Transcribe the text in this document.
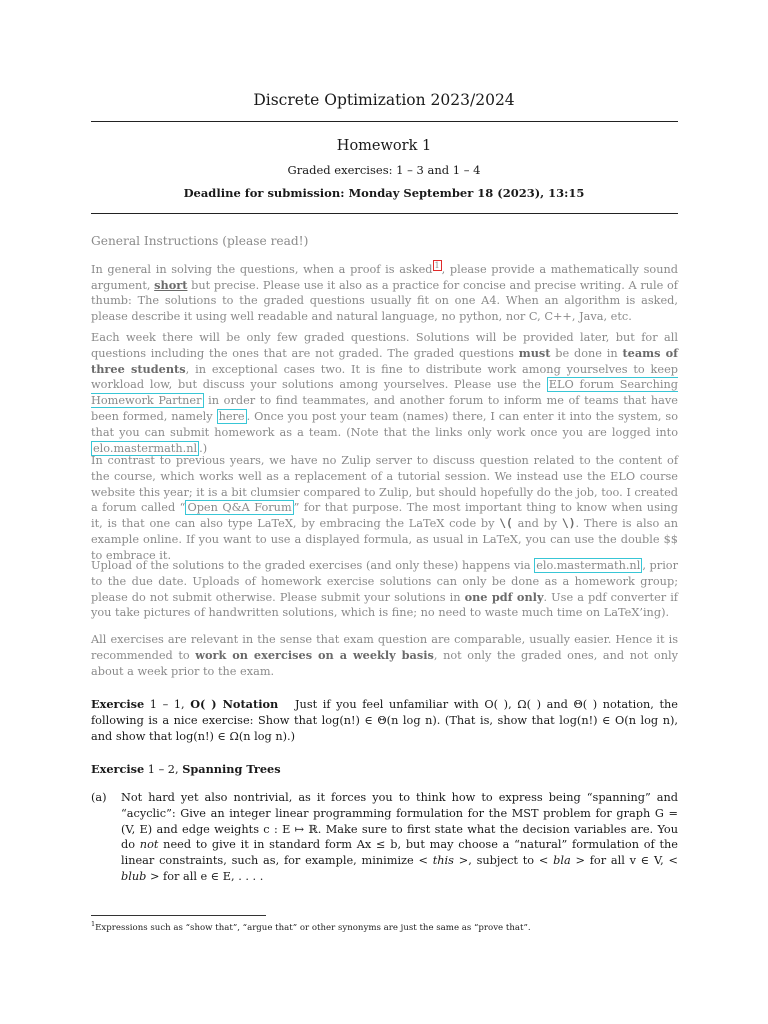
Discrete Optimization 2023/2024
Homework 1
Graded exercises: 1 – 3 and 1 – 4
Deadline for submission: Monday September 18 (2023), 13:15
General Instructions (please read!)
In general in solving the questions, when a proof is asked $^1$ , please provide a mathematically sound argument, short but precise. Please use it also as a practice for concise and precise writing. A rule of thumb: The solutions to the graded questions usually fit on one A4. When an algorithm is asked, please describe it using well readable and natural language, no python, nor C, C++, Java, etc.
Each week there will be only few graded questions. Solutions will be provided later, but for all questions including the ones that are not graded. The graded questions must be done in teams of three students, in exceptional cases two. It is fine to distribute work among yourselves to keep workload low, but discuss your solutions among yourselves. Please use the ELO forum Searching Homework Partner in order to find teammates, and another forum to inform me of teams that have been formed, namely here . Once you post your team (names) there, I can enter it into the system, so that you can submit homework as a team. (Note that the links only work once you are logged into elo.mastermath.nl .)
In contrast to previous years, we have no Zulip server to discuss question related to the content of the course, which works well as a replacement of a tutorial session. We instead use the ELO course website this year; it is a bit clumsier compared to Zulip, but should hopefully do the job, too. I created a forum called “ Open Q&A Forum ” for that purpose. The most important thing to know when using it, is that one can also type LaTeX, by embracing the LaTeX code by \( and by \). There is also an example online. If you want to use a displayed formula, as usual in LaTeX, you can use the double $$ to embrace it.
Upload of the solutions to the graded exercises (and only these) happens via elo.mastermath.nl , prior to the due date. Uploads of homework exercise solutions can only be done as a homework group; please do not submit otherwise. Please submit your solutions in one pdf only. Use a pdf converter if you take pictures of handwritten solutions, which is fine; no need to waste much time on LaTeX’ing).
All exercises are relevant in the sense that exam question are comparable, usually easier. Hence it is recommended to work on exercises on a weekly basis, not only the graded ones, and not only about a week prior to the exam.
Exercise 1 – 1, O( ) Notation Just if you feel unfamiliar with O( ), Ω( ) and Θ( ) notation, the following is a nice exercise: Show that log(n!) ∈ Θ(n log n). (That is, show that log(n!) ∈ O(n log n), and show that log(n!) ∈ Ω(n log n).)
Exercise 1 – 2, Spanning Trees
(a) Not hard yet also nontrivial, as it forces you to think how to express being “spanning” and “acyclic”: Give an integer linear programming formulation for the MST problem for graph G = (V, E) and edge weights c : E ↦ ℝ. Make sure to first state what the decision variables are. You do not need to give it in standard form Ax ≤ b, but may choose a “natural” formulation of the linear constraints, such as, for example, minimize < this >, subject to < bla > for all v ∈ V, < blub > for all e ∈ E, . . . .
$^1$Expressions such as “show that”, “argue that” or other synonyms are just the same as “prove that”.
